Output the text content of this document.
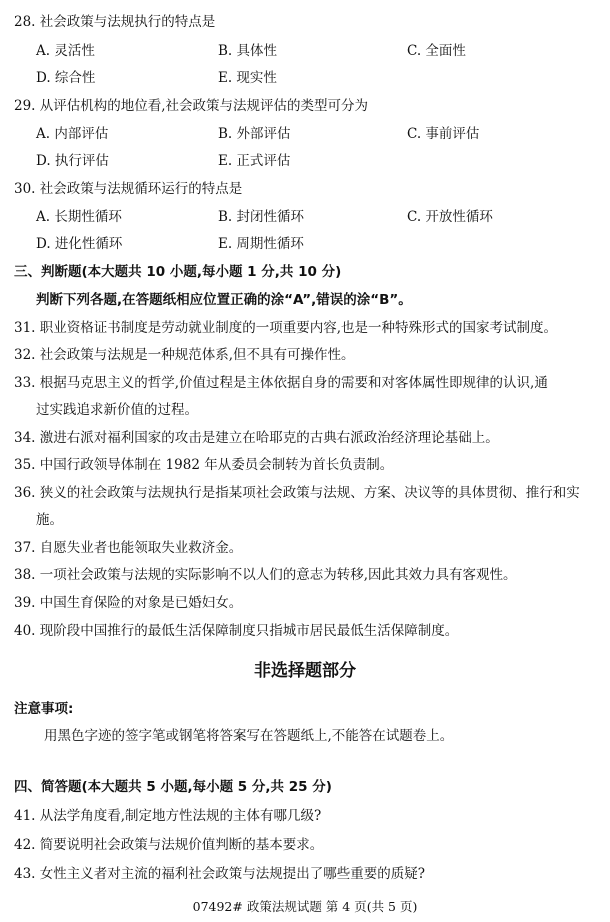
28. 社会政策与法规执行的特点是
A. 灵活性	B. 具体性	C. 全面性
D. 综合性	E. 现实性
29. 从评估机构的地位看,社会政策与法规评估的类型可分为
A. 内部评估	B. 外部评估	C. 事前评估
D. 执行评估	E. 正式评估
30. 社会政策与法规循环运行的特点是
A. 长期性循环	B. 封闭性循环	C. 开放性循环
D. 进化性循环	E. 周期性循环
三、判断题(本大题共 10 小题,每小题 1 分,共 10 分)
判断下列各题,在答题纸相应位置正确的涂“A”,错误的涂“B”。
31. 职业资格证书制度是劳动就业制度的一项重要内容,也是一种特殊形式的国家考试制度。
32. 社会政策与法规是一种规范体系,但不具有可操作性。
33. 根据马克思主义的哲学,价值过程是主体依据自身的需要和对客体属性即规律的认识,通
过实践追求新价值的过程。
34. 激进右派对福利国家的攻击是建立在哈耶克的古典右派政治经济理论基础上。
35. 中国行政领导体制在 1982 年从委员会制转为首长负责制。
36. 狭义的社会政策与法规执行是指某项社会政策与法规、方案、决议等的具体贯彻、推行和实
施。
37. 自愿失业者也能领取失业救济金。
38. 一项社会政策与法规的实际影响不以人们的意志为转移,因此其效力具有客观性。
39. 中国生育保险的对象是已婚妇女。
40. 现阶段中国推行的最低生活保障制度只指城市居民最低生活保障制度。
非选择题部分
注意事项:
用黑色字迹的签字笔或钢笔将答案写在答题纸上,不能答在试题卷上。
四、简答题(本大题共 5 小题,每小题 5 分,共 25 分)
41. 从法学角度看,制定地方性法规的主体有哪几级?
42. 简要说明社会政策与法规价值判断的基本要求。
43. 女性主义者对主流的福利社会政策与法规提出了哪些重要的质疑?
07492# 政策法规试题 第 4 页(共 5 页)
